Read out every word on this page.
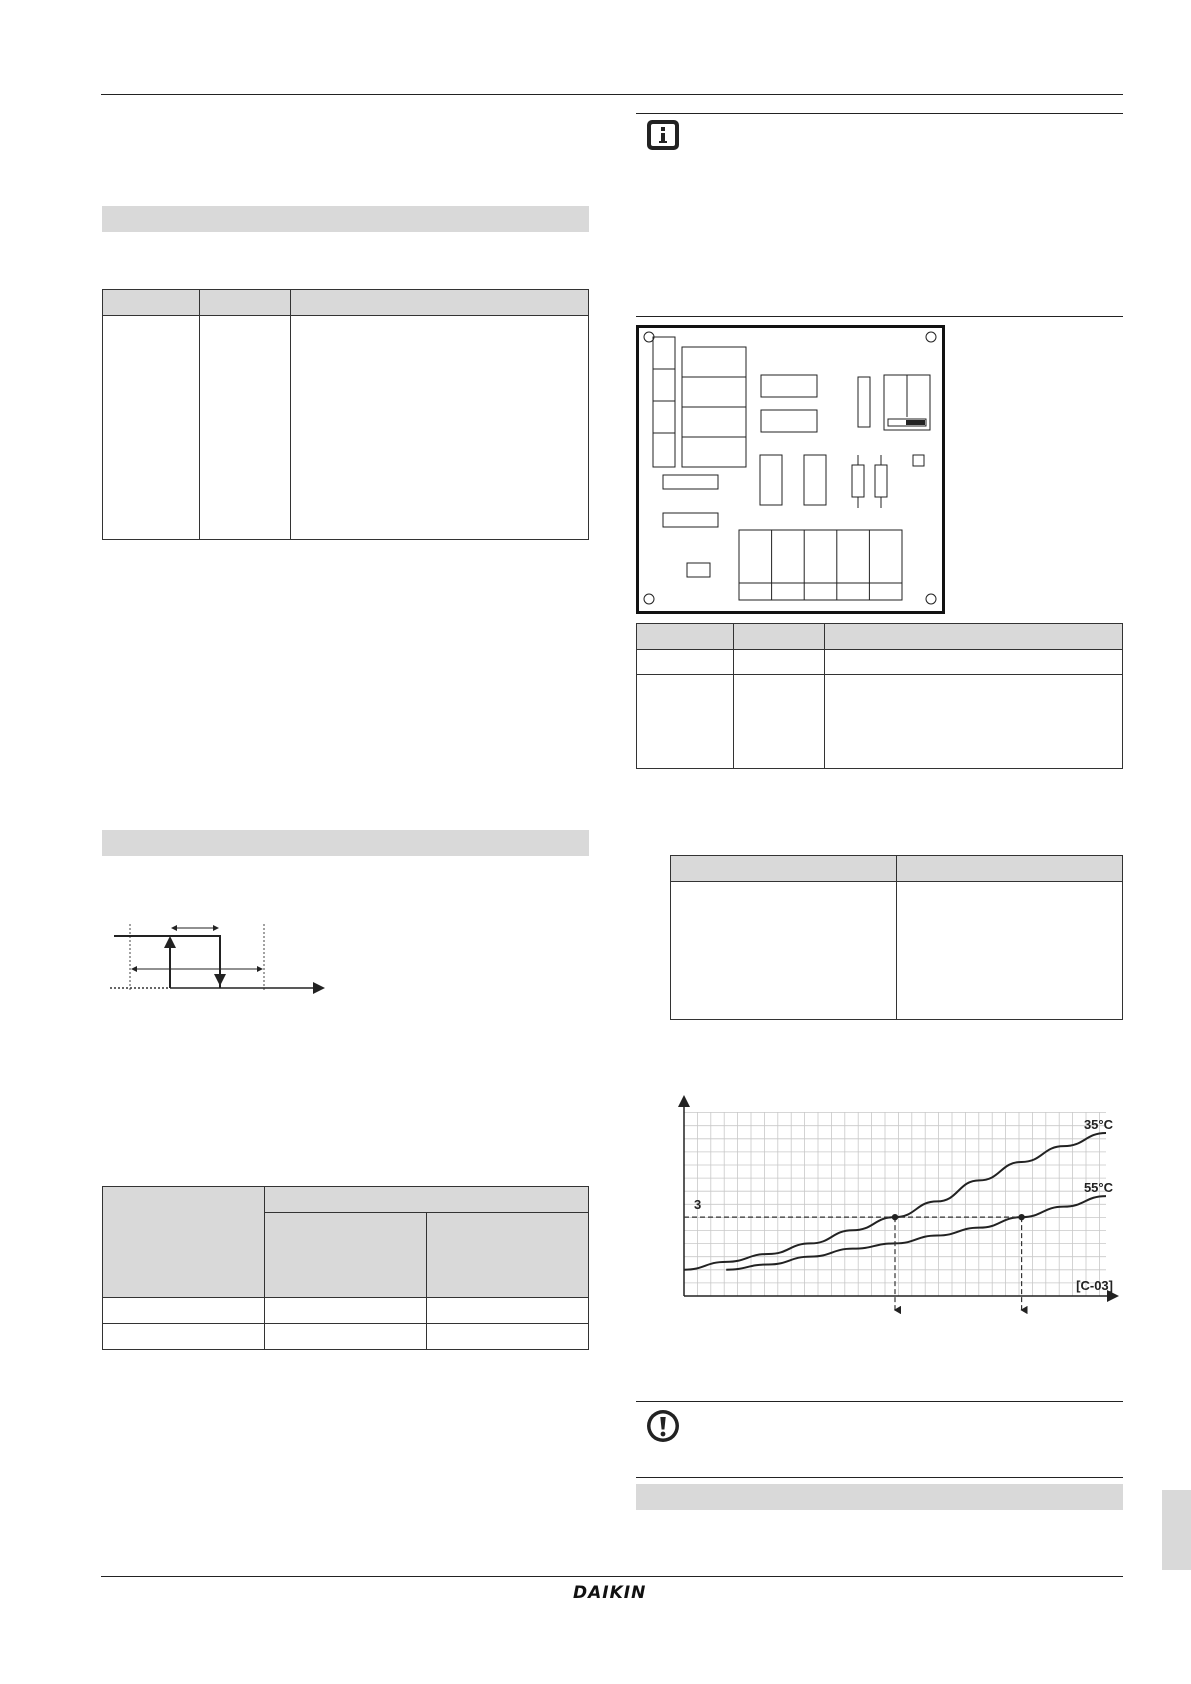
3
[C-03]
35°C
55°C
DAIKIN
